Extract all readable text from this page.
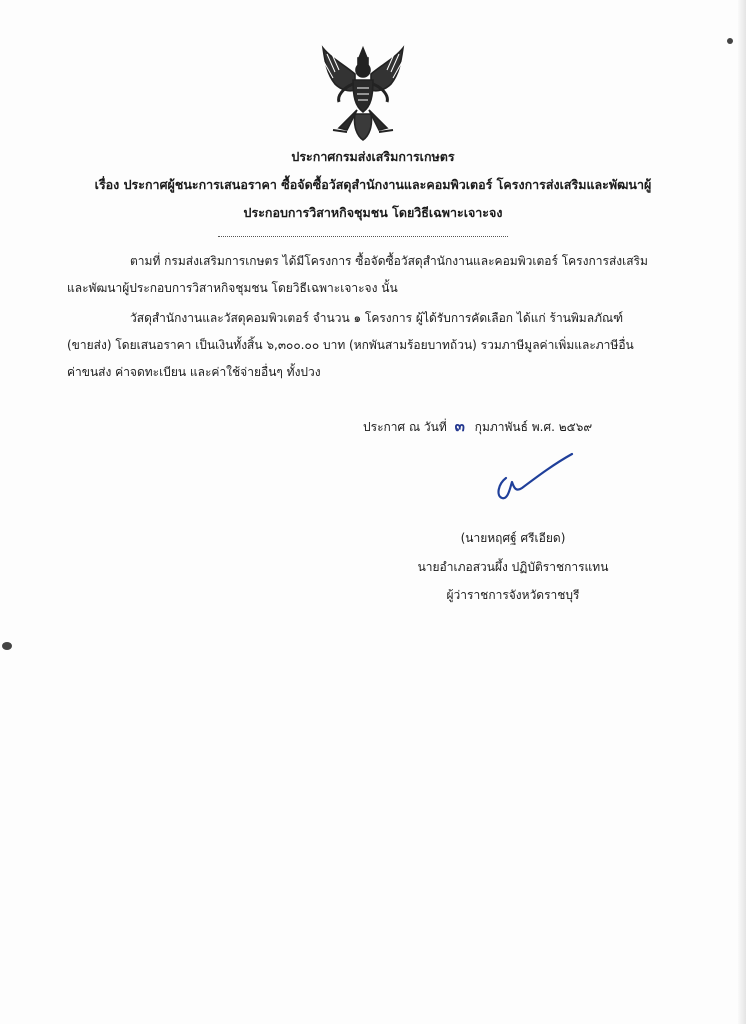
ประกาศกรมส่งเสริมการเกษตร
เรื่อง ประกาศผู้ชนะการเสนอราคา ซื้อจัดซื้อวัสดุสำนักงานและคอมพิวเตอร์ โครงการส่งเสริมและพัฒนาผู้
ประกอบการวิสาหกิจชุมชน โดยวิธีเฉพาะเจาะจง
ตามที่ กรมส่งเสริมการเกษตร ได้มีโครงการ ซื้อจัดซื้อวัสดุสำนักงานและคอมพิวเตอร์ โครงการส่งเสริม
และพัฒนาผู้ประกอบการวิสาหกิจชุมชน โดยวิธีเฉพาะเจาะจง นั้น
วัสดุสำนักงานและวัสดุคอมพิวเตอร์ จำนวน ๑ โครงการ ผู้ได้รับการคัดเลือก ได้แก่ ร้านพิมลภัณฑ์
(ขายส่ง) โดยเสนอราคา เป็นเงินทั้งสิ้น ๖,๓๐๐.๐๐ บาท (หกพันสามร้อยบาทถ้วน) รวมภาษีมูลค่าเพิ่มและภาษีอื่น
ค่าขนส่ง ค่าจดทะเบียน และค่าใช้จ่ายอื่นๆ ทั้งปวง
ประกาศ ณ วันที่ ๓ กุมภาพันธ์ พ.ศ. ๒๕๖๙
(นายหฤศฐ์ ศรีเอียด)
นายอำเภอสวนผึ้ง ปฏิบัติราชการแทน
ผู้ว่าราชการจังหวัดราชบุรี
